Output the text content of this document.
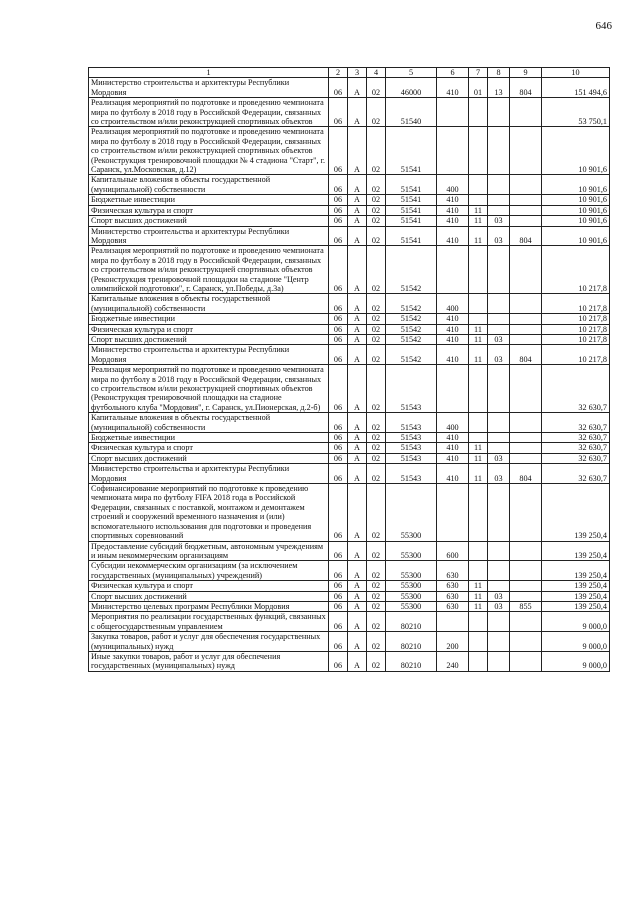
646
1	2	3	4	5	6	7	8	9	10
Министерство строительства и архитектуры Республики Мордовия	06	А	02	46000	410	01	13	804	151 494,6
Реализация мероприятий по подготовке и проведению чемпионата мира по футболу в 2018 году в Российской Федерации, связанных со строительством и/или реконструкцией спортивных объектов	06	А	02	51540					53 750,1
Реализация мероприятий по подготовке и проведению чемпионата мира по футболу в 2018 году в Российской Федерации, связанных со строительством и/или реконструкцией спортивных объектов (Реконструкция тренировочной площадки № 4 стадиона "Старт", г. Саранск, ул.Московская, д.12)	06	А	02	51541					10 901,6
Капитальные вложения в объекты государственной (муниципальной) собственности	06	А	02	51541	400				10 901,6
Бюджетные инвестиции	06	А	02	51541	410				10 901,6
Физическая культура и спорт	06	А	02	51541	410	11			10 901,6
Спорт высших достижений	06	А	02	51541	410	11	03		10 901,6
Министерство строительства и архитектуры Республики Мордовия	06	А	02	51541	410	11	03	804	10 901,6
Реализация мероприятий по подготовке и проведению чемпионата мира по футболу в 2018 году в Российской Федерации, связанных со строительством и/или реконструкцией спортивных объектов (Реконструкция тренировочной площадки на стадионе "Центр олимпийской подготовки", г. Саранск, ул.Победы, д.3а)	06	А	02	51542					10 217,8
Капитальные вложения в объекты государственной (муниципальной) собственности	06	А	02	51542	400				10 217,8
Бюджетные инвестиции	06	А	02	51542	410				10 217,8
Физическая культура и спорт	06	А	02	51542	410	11			10 217,8
Спорт высших достижений	06	А	02	51542	410	11	03		10 217,8
Министерство строительства и архитектуры Республики Мордовия	06	А	02	51542	410	11	03	804	10 217,8
Реализация мероприятий по подготовке и проведению чемпионата мира по футболу в 2018 году в Российской Федерации, связанных со строительством и/или реконструкцией спортивных объектов (Реконструкция тренировочной площадки на стадионе футбольного клуба "Мордовия", г. Саранск, ул.Пионерская, д.2-б)	06	А	02	51543					32 630,7
Капитальные вложения в объекты государственной (муниципальной) собственности	06	А	02	51543	400				32 630,7
Бюджетные инвестиции	06	А	02	51543	410				32 630,7
Физическая культура и спорт	06	А	02	51543	410	11			32 630,7
Спорт высших достижений	06	А	02	51543	410	11	03		32 630,7
Министерство строительства и архитектуры Республики Мордовия	06	А	02	51543	410	11	03	804	32 630,7
Софинансирование мероприятий по подготовке к проведению чемпионата мира по футболу FIFA 2018 года в Российской Федерации, связанных с поставкой, монтажом и демонтажем строений и сооружений временного назначения и (или) вспомогательного использования для подготовки и проведения спортивных соревнований	06	А	02	55300					139 250,4
Предоставление субсидий бюджетным, автономным учреждениям и иным некоммерческим организациям	06	А	02	55300	600				139 250,4
Субсидии некоммерческим организациям (за исключением государственных (муниципальных) учреждений)	06	А	02	55300	630				139 250,4
Физическая культура и спорт	06	А	02	55300	630	11			139 250,4
Спорт высших достижений	06	А	02	55300	630	11	03		139 250,4
Министерство целевых программ Республики Мордовия	06	А	02	55300	630	11	03	855	139 250,4
Мероприятия по реализации государственных функций, связанных с общегосударственным управлением	06	А	02	80210					9 000,0
Закупка товаров, работ и услуг для обеспечения государственных (муниципальных) нужд	06	А	02	80210	200				9 000,0
Иные закупки товаров, работ и услуг для обеспечения государственных (муниципальных) нужд	06	А	02	80210	240				9 000,0
